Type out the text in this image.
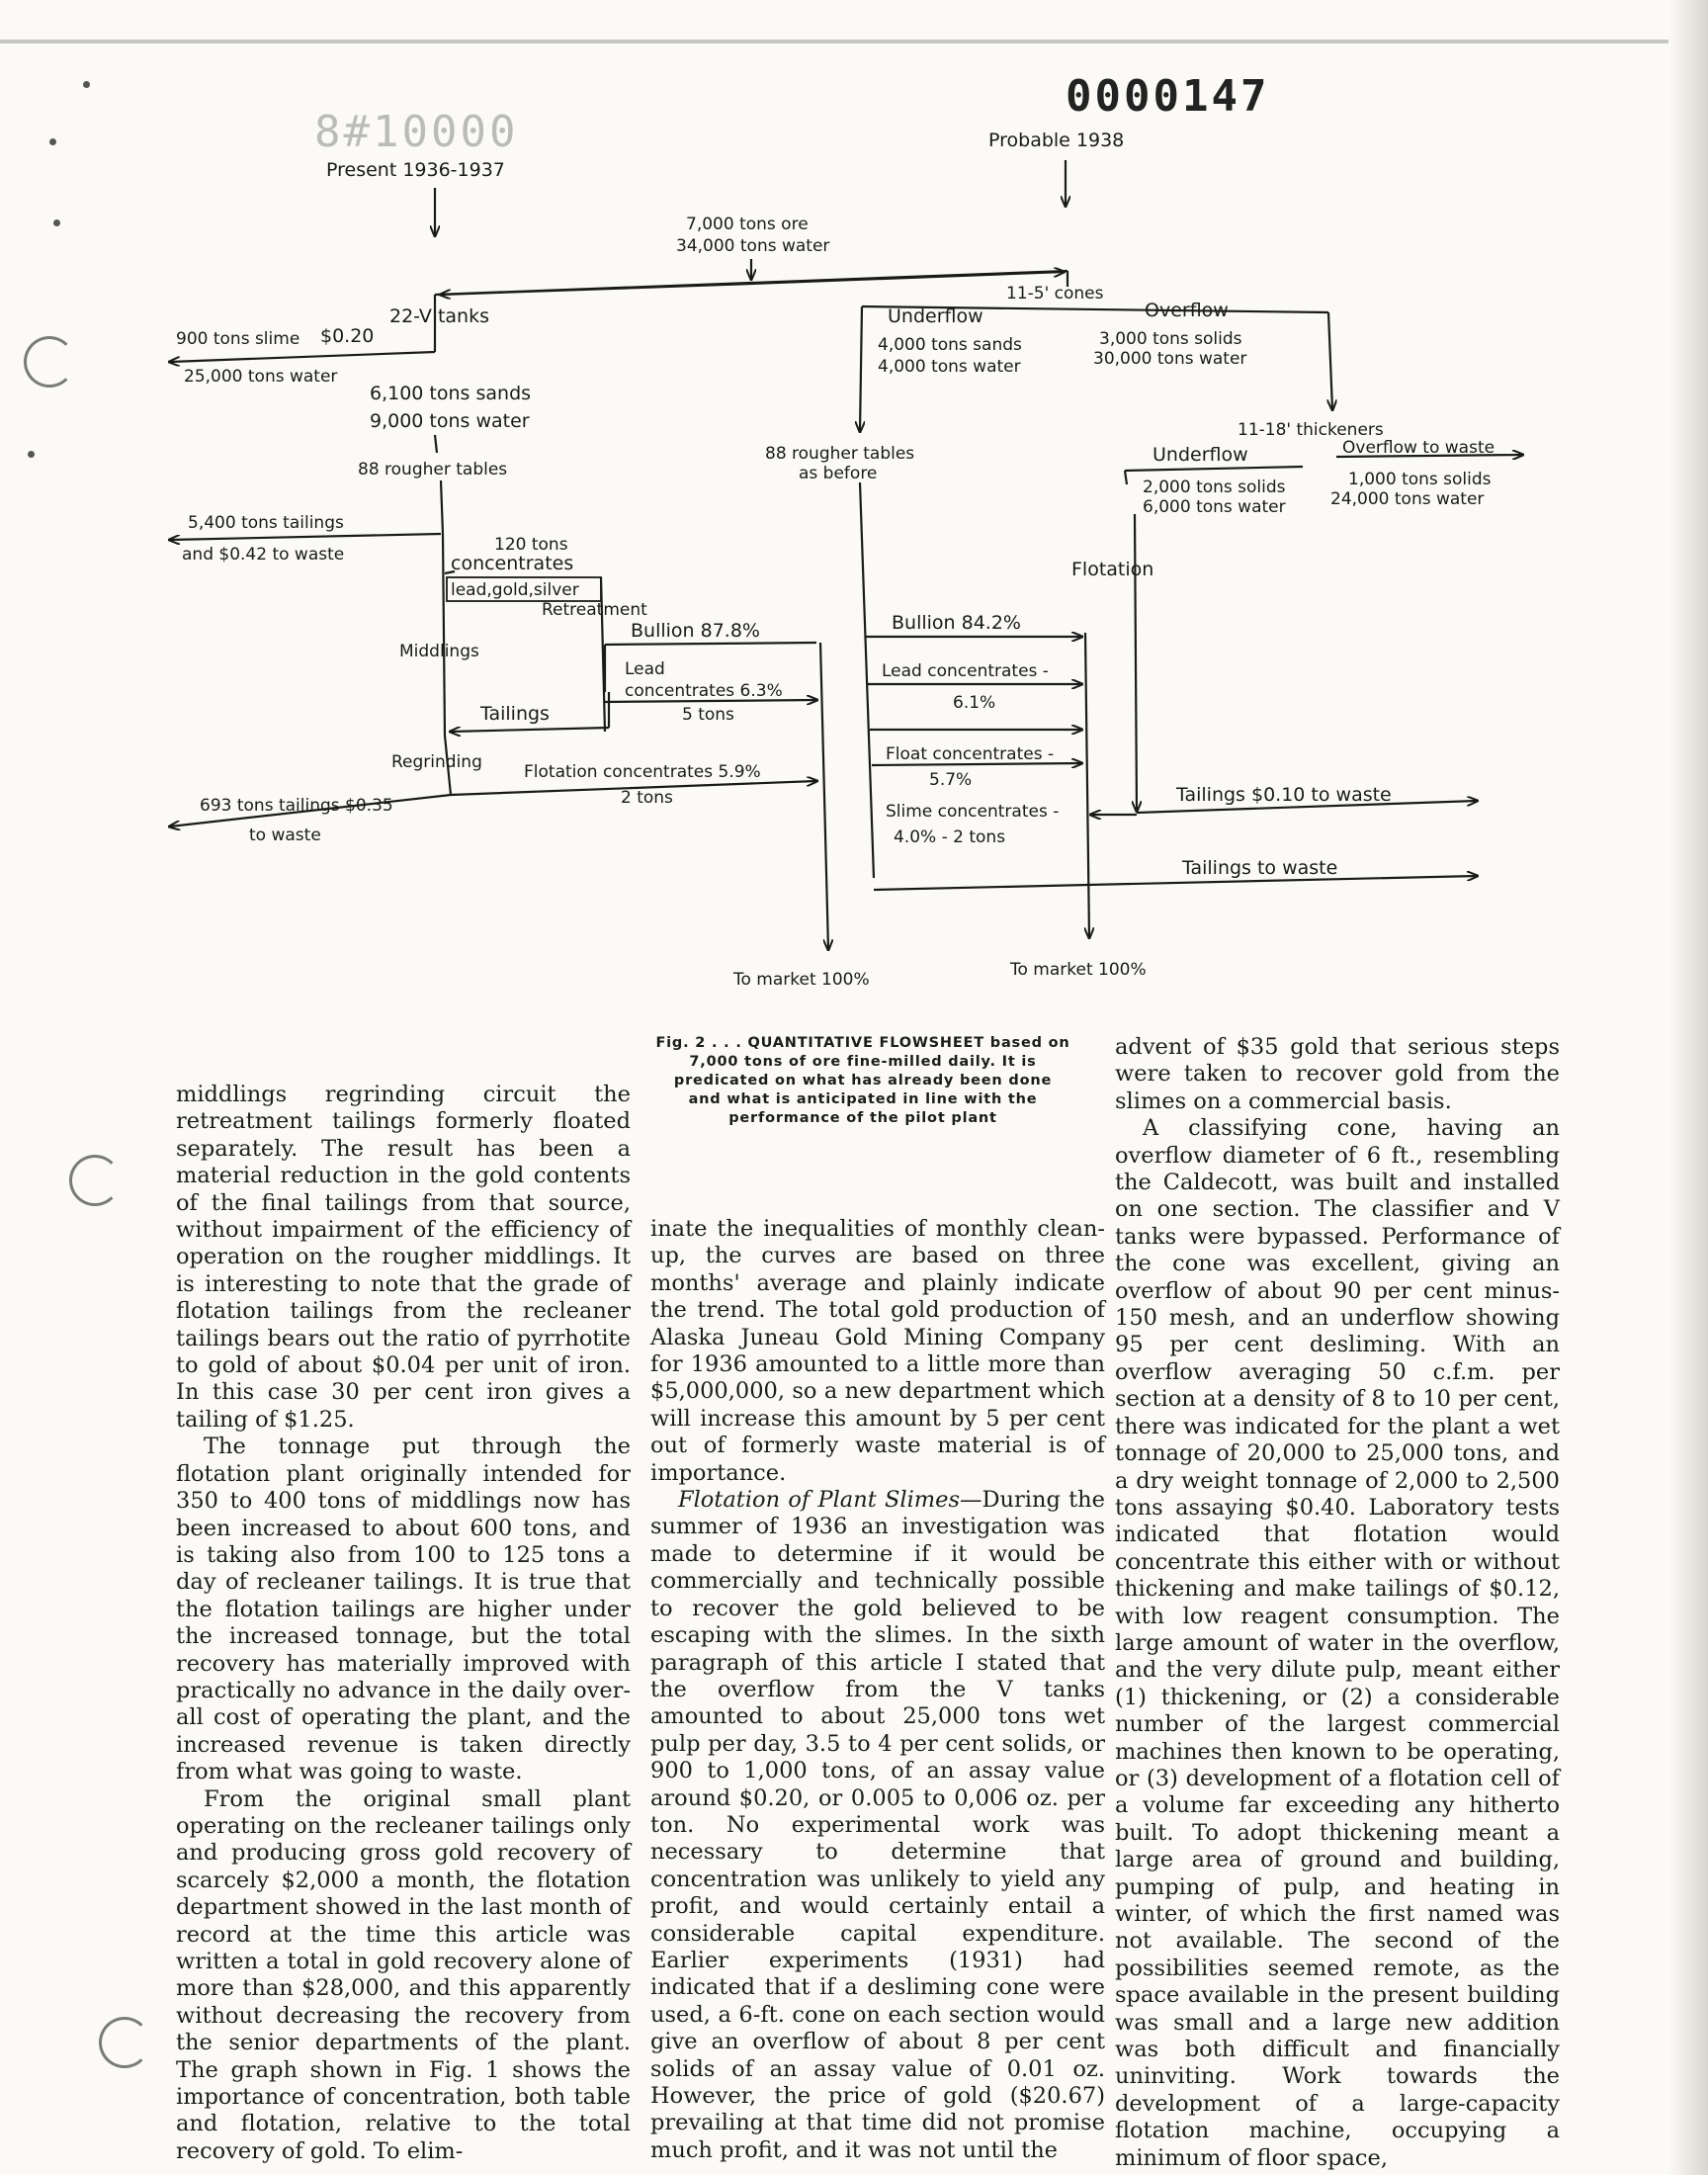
8#10000
0000147
Present 1936-1937
Probable 1938
7,000 tons ore
34,000 tons water
22-V tanks
900 tons slime $0.20
25,000 tons water
6,100 tons sands
9,000 tons water
88 rougher tables
5,400 tons tailings
and $0.42 to waste	120 tons
concentrates
lead,gold,silver
Retreatment
Middlings
Bullion 87.8%
Lead
concentrates 6.3%
5 tons
Tailings
Regrinding Flotation concentrates 5.9%
2 tons
693 tons tailings $0.35
to waste
To market 100%
11-5' cones
Underflow	Overflow
4,000 tons sands
4,000 tons water
3,000 tons solids
30,000 tons water
88 rougher tables
as before
11-18' thickeners
Underflow	Overflow to waste
2,000 tons solids
6,000 tons water
1,000 tons solids
24,000 tons water
Flotation
Bullion 84.2%
Lead concentrates -
6.1%
Float concentrates -
5.7%
Slime concentrates -
4.0% - 2 tons
Tailings $0.10 to waste
Tailings to waste
To market 100%
Fig. 2 . . . QUANTITATIVE FLOWSHEET based on 7,000 tons of ore fine-milled daily. It is predicated on what has already been done and what is anticipated in line with the performance of the pilot plant

middlings regrinding circuit the retreatment tailings formerly floated separately. The result has been a material reduction in the gold contents of the final tailings from that source, without impairment of the efficiency of operation on the rougher middlings. It is interesting to note that the grade of flotation tailings from the recleaner tailings bears out the ratio of pyrrhotite to gold of about $0.04 per unit of iron. In this case 30 per cent iron gives a tailing of $1.25.

The tonnage put through the flotation plant originally intended for 350 to 400 tons of middlings now has been increased to about 600 tons, and is taking also from 100 to 125 tons a day of recleaner tailings. It is true that the flotation tailings are higher under the increased tonnage, but the total recovery has materially improved with practically no advance in the daily over-all cost of operating the plant, and the increased revenue is taken directly from what was going to waste.

From the original small plant operating on the recleaner tailings only and producing gross gold recovery of scarcely $2,000 a month, the flotation department showed in the last month of record at the time this article was written a total in gold recovery alone of more than $28,000, and this apparently without decreasing the recovery from the senior departments of the plant. The graph shown in Fig. 1 shows the importance of concentration, both table and flotation, relative to the total recovery of gold. To elim-

inate the inequalities of monthly clean-up, the curves are based on three months' average and plainly indicate the trend. The total gold production of Alaska Juneau Gold Mining Company for 1936 amounted to a little more than $5,000,000, so a new department which will increase this amount by 5 per cent out of formerly waste material is of importance.

Flotation of Plant Slimes—During the summer of 1936 an investigation was made to determine if it would be commercially and technically possible to recover the gold believed to be escaping with the slimes. In the sixth paragraph of this article I stated that the overflow from the V tanks amounted to about 25,000 tons wet pulp per day, 3.5 to 4 per cent solids, or 900 to 1,000 tons, of an assay value around $0.20, or 0.005 to 0,006 oz. per ton. No experimental work was necessary to determine that concentration was unlikely to yield any profit, and would certainly entail a considerable capital expenditure. Earlier experiments (1931) had indicated that if a desliming cone were used, a 6-ft. cone on each section would give an overflow of about 8 per cent solids of an assay value of 0.01 oz. However, the price of gold ($20.67) prevailing at that time did not promise much profit, and it was not until the

advent of $35 gold that serious steps were taken to recover gold from the slimes on a commercial basis.

A classifying cone, having an overflow diameter of 6 ft., resembling the Caldecott, was built and installed on one section. The classifier and V tanks were bypassed. Performance of the cone was excellent, giving an overflow of about 90 per cent minus-150 mesh, and an underflow showing 95 per cent desliming. With an overflow averaging 50 c.f.m. per section at a density of 8 to 10 per cent, there was indicated for the plant a wet tonnage of 20,000 to 25,000 tons, and a dry weight tonnage of 2,000 to 2,500 tons assaying $0.40. Laboratory tests indicated that flotation would concentrate this either with or without thickening and make tailings of $0.12, with low reagent consumption. The large amount of water in the overflow, and the very dilute pulp, meant either (1) thickening, or (2) a considerable number of the largest commercial machines then known to be operating, or (3) development of a flotation cell of a volume far exceeding any hitherto built. To adopt thickening meant a large area of ground and building, pumping of pulp, and heating in winter, of which the first named was not available. The second of the possibilities seemed remote, as the space available in the present building was small and a large new addition was both difficult and financially uninviting. Work towards the development of a large-capacity flotation machine, occupying a minimum of floor space,
